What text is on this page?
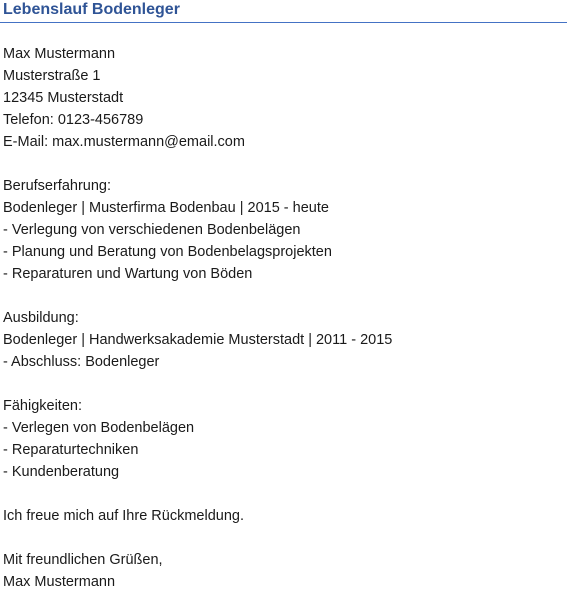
Lebenslauf Bodenleger
Max Mustermann
Musterstraße 1
12345 Musterstadt
Telefon: 0123-456789
E-Mail: max.mustermann@email.com
Berufserfahrung:
Bodenleger | Musterfirma Bodenbau | 2015 - heute
- Verlegung von verschiedenen Bodenbelägen
- Planung und Beratung von Bodenbelagsprojekten
- Reparaturen und Wartung von Böden
Ausbildung:
Bodenleger | Handwerksakademie Musterstadt | 2011 - 2015
- Abschluss: Bodenleger
Fähigkeiten:
- Verlegen von Bodenbelägen
- Reparaturtechniken
- Kundenberatung
Ich freue mich auf Ihre Rückmeldung.
Mit freundlichen Grüßen,
Max Mustermann
